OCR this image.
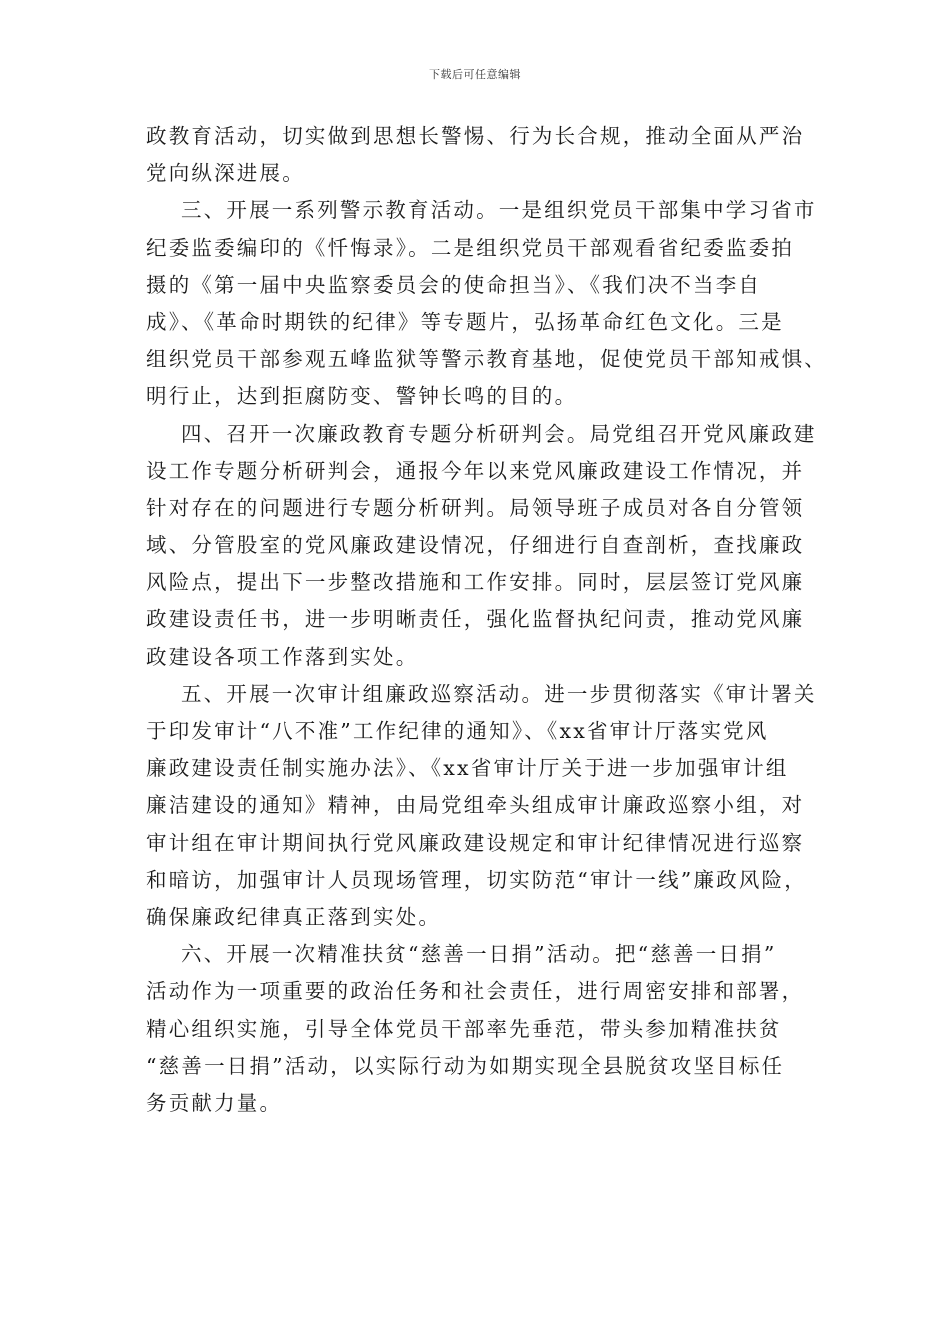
下载后可任意编辑
政教育活动，切实做到思想长警惕、行为长合规，推动全面从严治
党向纵深进展。
三、开展一系列警示教育活动。一是组织党员干部集中学习省市
纪委监委编印的《忏悔录》。二是组织党员干部观看省纪委监委拍
摄的《第一届中央监察委员会的使命担当》、《我们决不当李自
成》、《革命时期铁的纪律》等专题片，弘扬革命红色文化。三是
组织党员干部参观五峰监狱等警示教育基地，促使党员干部知戒惧、
明行止，达到拒腐防变、警钟长鸣的目的。
四、召开一次廉政教育专题分析研判会。局党组召开党风廉政建
设工作专题分析研判会，通报今年以来党风廉政建设工作情况，并
针对存在的问题进行专题分析研判。局领导班子成员对各自分管领
域、分管股室的党风廉政建设情况，仔细进行自查剖析，查找廉政
风险点，提出下一步整改措施和工作安排。同时，层层签订党风廉
政建设责任书，进一步明晰责任，强化监督执纪问责，推动党风廉
政建设各项工作落到实处。
五、开展一次审计组廉政巡察活动。进一步贯彻落实《审计署关
于印发审计“八不准”工作纪律的通知》、《xx省审计厅落实党风
廉政建设责任制实施办法》、《xx省审计厅关于进一步加强审计组
廉洁建设的通知》精神，由局党组牵头组成审计廉政巡察小组，对
审计组在审计期间执行党风廉政建设规定和审计纪律情况进行巡察
和暗访，加强审计人员现场管理，切实防范“审计一线”廉政风险，
确保廉政纪律真正落到实处。
六、开展一次精准扶贫“慈善一日捐”活动。把“慈善一日捐”
活动作为一项重要的政治任务和社会责任，进行周密安排和部署，
精心组织实施，引导全体党员干部率先垂范，带头参加精准扶贫
“慈善一日捐”活动，以实际行动为如期实现全县脱贫攻坚目标任
务贡献力量。
